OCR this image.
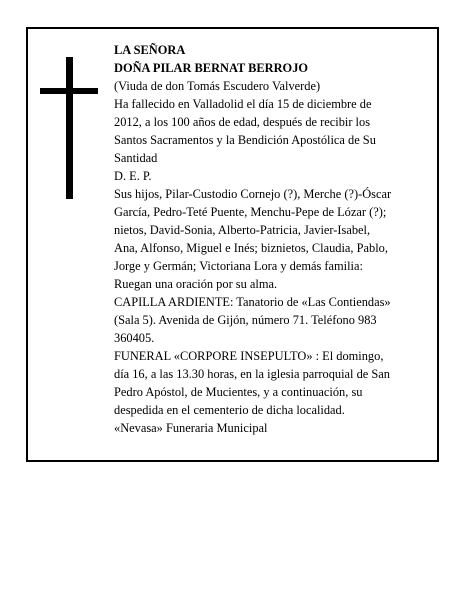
LA SEÑORA
DOÑA PILAR BERNAT BERROJO
(Viuda de don Tomás Escudero Valverde)
Ha fallecido en Valladolid el día 15 de diciembre de
2012, a los 100 años de edad, después de recibir los
Santos Sacramentos y la Bendición Apostólica de Su
Santidad
D. E. P.
Sus hijos, Pilar-Custodio Cornejo (?), Merche (?)-Óscar
García, Pedro-Teté Puente, Menchu-Pepe de Lózar (?);
nietos, David-Sonia, Alberto-Patricia, Javier-Isabel,
Ana, Alfonso, Miguel e Inés; biznietos, Claudia, Pablo,
Jorge y Germán; Victoriana Lora y demás familia:
Ruegan una oración por su alma.
CAPILLA ARDIENTE: Tanatorio de «Las Contiendas»
(Sala 5). Avenida de Gijón, número 71. Teléfono 983
360405.
FUNERAL «CORPORE INSEPULTO» : El domingo,
día 16, a las 13.30 horas, en la iglesia parroquial de San
Pedro Apóstol, de Mucientes, y a continuación, su
despedida en el cementerio de dicha localidad.
«Nevasa» Funeraria Municipal
